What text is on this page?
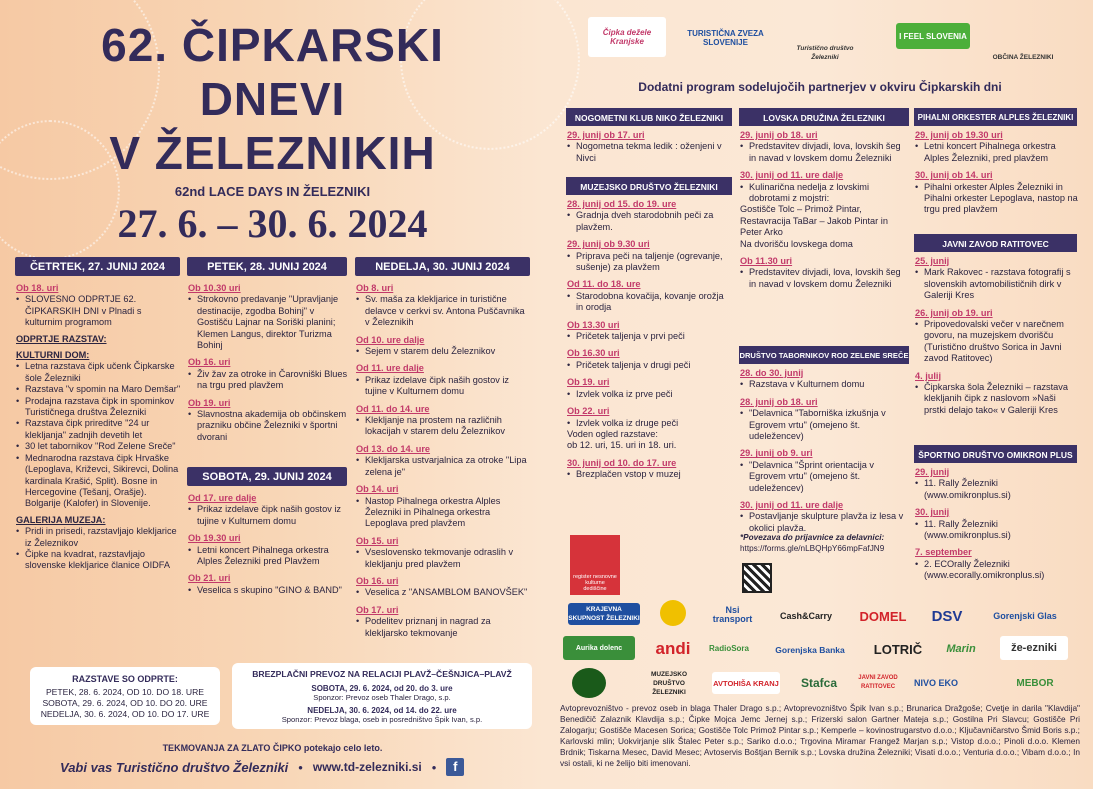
62. ČIPKARSKI
DNEVI
V ŽELEZNIKIH
62nd LACE DAYS IN ŽELEZNIKI
27. 6. – 30. 6. 2024
ČETRTEK, 27. JUNIJ 2024	PETEK, 28. JUNIJ 2024
SOBOTA, 29. JUNIJ 2024
NEDELJA, 30. JUNIJ 2024
Ob 18. uri
• SLOVESNO ODPRTJE 62. ČIPKARSKIH DNI v Plnadi s kulturnim programom
ODPRTJE RAZSTAV:
KULTURNI DOM:
• Letna razstava čipk učenk Čipkarske šole Železniki
• Razstava "v spomin na Maro Demšar"
• Prodajna razstava čipk in spominkov Turističnega društva Železniki
• Razstava čipk prireditve "24 ur klekljanja" zadnjih devetih let
• 30 let tabornikov "Rod Zelene Sreče"
• Mednarodna razstava čipk Hrvaške (Lepoglava, Križevci, Sikirevci, Dolina kardinala Krašić, Split). Bosne in Hercegovine (Tešanj, Orašje). Bolgarije (Kalofer) in Slovenije.
GALERIJA MUZEJA:
• Pridi in prisedi, razstavljajo klekljarice iz Železnikov
• Čipke na kvadrat, razstavljajo slovenske klekljarice članice OIDFA
Ob 10.30 uri
• Strokovno predavanje "Upravljanje destinacije, zgodba Bohinj" v Gostišču Lajnar na Soriški planini; Klemen Langus, direktor Turizma Bohinj
Ob 16. uri
• Živ žav za otroke in Čarovniški Blues na trgu pred plavžem
Ob 19. uri
• Slavnostna akademija ob občinskem prazniku občine Železniki v športni dvorani
Od 17. ure dalje
• Prikaz izdelave čipk naših gostov iz tujine v Kulturnem domu
Ob 19.30 uri
• Letni koncert Pihalnega orkestra Alples Železniki pred Plavžem
Ob 21. uri
• Veselica s skupino "GINO & BAND"
Ob 8. uri
• Sv. maša za klekljarice in turistične delavce v cerkvi sv. Antona Puščavnika v Železnikih
Od 10. ure dalje
• Sejem v starem delu Železnikov
Od 11. ure dalje
• Prikaz izdelave čipk naših gostov iz tujine v Kulturnem domu
Od 11. do 14. ure
• Klekljanje na prostem na različnih lokacijah v starem delu Železnikov
Od 13. do 14. ure
• Klekljarska ustvarjalnica za otroke "Lipa zelena je"
Ob 14. uri
• Nastop Pihalnega orkestra Alples Železniki in Pihalnega orkestra Lepoglava pred plavžem
Ob 15. uri
• Vseslovensko tekmovanje odraslih v klekljanju pred plavžem
Ob 16. uri
• Veselica z "ANSAMBLOM BANOVŠEK"
Ob 17. uri
• Podelitev priznanj in nagrad za klekljarsko tekmovanje
RAZSTAVE SO ODPRTE:
PETEK, 28. 6. 2024, OD 10. DO 18. URE
SOBOTA, 29. 6. 2024, OD 10. DO 20. URE
NEDELJA, 30. 6. 2024, OD 10. DO 17. URE
BREZPLAČNI PREVOZ NA RELACIJI PLAVŽ–ČEŠNJICA–PLAVŽ
SOBOTA, 29. 6. 2024, od 20. do 3. ure
Sponzor: Prevoz oseb Thaler Drago, s.p.
NEDELJA, 30. 6. 2024, od 14. do 22. ure
Sponzor: Prevoz blaga, oseb in posredništvo Špik Ivan, s.p.
TEKMOVANJA ZA ZLATO ČIPKO potekajo celo leto.
Vabi vas Turistično društvo Železniki • www.td-zelezniki.si •	f
Čipka dežele Kranjske
TURISTIČNA ZVEZA SLOVENIJE
Turistično društvo Železniki
I FEEL SLOVENIA
OBČINA ŽELEZNIKI
Dodatni program sodelujočih partnerjev v okviru Čipkarskih dni
NOGOMETNI KLUB NIKO ŽELEZNIKI
MUZEJSKO DRUŠTVO ŽELEZNIKI
LOVSKA DRUŽINA ŽELEZNIKI
DRUŠTVO TABORNIKOV ROD ZELENE SREČE
PIHALNI ORKESTER ALPLES ŽELEZNIKI
JAVNI ZAVOD RATITOVEC
ŠPORTNO DRUŠTVO OMIKRON PLUS
29. junij ob 17. uri
• Nogometna tekma ledik : oženjeni v Nivci
28. junij od 15. do 19. ure
• Gradnja dveh starodobnih peči za plavžem.
29. junij ob 9.30 uri
• Priprava peči na taljenje (ogrevanje, sušenje) za plavžem
Od 11. do 18. ure
• Starodobna kovačija, kovanje orožja in orodja
Ob 13.30 uri
• Pričetek taljenja v prvi peči
Ob 16.30 uri
• Pričetek taljenja v drugi peči
Ob 19. uri
• Izvlek volka iz prve peči
Ob 22. uri
• Izvlek volka iz druge peči
Voden ogled razstave:
ob 12. uri, 15. uri in 18. uri.
30. junij od 10. do 17. ure
• Brezplačen vstop v muzej
29. junij ob 18. uri
• Predstavitev divjadi, lova, lovskih šeg in navad v lovskem domu Železniki
30. junij od 11. ure dalje
• Kulinarična nedelja z lovskimi dobrotami z mojstri:
Gostišče Tolc – Primož Pintar, Restavracija TaBar – Jakob Pintar in Peter Arko
Na dvorišču lovskega doma
Ob 11.30 uri
• Predstavitev divjadi, lova, lovskih šeg in navad v lovskem domu Železniki
28. do 30. junij
• Razstava v Kulturnem domu
28. junij ob 18. uri
• "Delavnica "Taborniška izkušnja v Egrovem vrtu" (omejeno št. udeležencev)
29. junij ob 9. uri
• "Delavnica "Šprint orientacija v Egrovem vrtu" (omejeno št. udeležencev)
30. junij od 11. ure dalje
• Postavljanje skulpture plavža iz lesa v okolici plavža.
29. junij ob 19.30 uri
• Letni koncert Pihalnega orkestra Alples Železniki, pred plavžem
30. junij ob 14. uri
• Pihalni orkester Alples Železniki in Pihalni orkester Lepoglava, nastop na trgu pred plavžem
25. junij
• Mark Rakovec - razstava fotografij s slovenskih avtomobilističnih dirk v Galeriji Kres
26. junij ob 19. uri
• Pripovedovalski večer v narečnem govoru, na muzejskem dvorišču (Turistično društvo Sorica in Javni zavod Ratitovec)
4. julij
• Čipkarska šola Železniki – razstava klekljanih čipk z naslovom »Naši prstki delajo tako« v Galeriji Kres
29. junij
• 11. Rally Železniki (www.omikronplus.si)
30. junij
• 11. Rally Železniki (www.omikronplus.si)
7. september
• 2. ECOrally Železniki (www.ecorally.omikronplus.si)
*Povezava do prijavnice za delavnici:
https://forms.gle/nLBQHpY66mpFafJN9
register nesnovne kulturne dediščine
KRAJEVNA SKUPNOST ŽELEZNIKI
Nsi transport	Cash&Carry	DOMEL	DSV	Gorenjski Glas
Aurika dolenc	andi	RadioSora	Gorenjska Banka	LOTRIČ	Marin	že-ezniki
MUZEJSKO DRUŠTVO ŽELEZNIKI
AVTOHIŠA KRANJ	Stafca	JAVNI ZAVOD RATITOVEC	NIVO EKO	MEBOR
Avtoprevozništvo - prevoz oseb in blaga Thaler Drago s.p.; Avtoprevozništvo Špik Ivan s.p.; Brunarica Dražgoše; Cvetje in darila "Klavdija" Benedičič Zalaznik Klavdija s.p.; Čipke Mojca Jemc Jernej s.p.; Frizerski salon Gartner Mateja s.p.; Gostilna Pri Slavcu; Gostišče Pri Zalogarju; Gostišče Macesen Sorica; Gostišče Tolc Primož Pintar s.p.; Kemperle – kovinostrugarstvo d.o.o.; Ključavničarstvo Šmid Boris s.p.; Karlovski mlin; Uokvirjanje slik Štalec Peter s.p.; Sariko d.o.o.; Trgovina Miramar Frangež Marjan s.p.; Vistop d.o.o.; Pinoli d.o.o. Klemen Brdnik; Tiskarna Mesec, David Mesec; Avtoservis Boštjan Bernik s.p.; Lovska družina Železniki; Visati d.o.o.; Venturia d.o.o.; Vibam d.o.o.; In vsi ostali, ki ne želijo biti imenovani.
